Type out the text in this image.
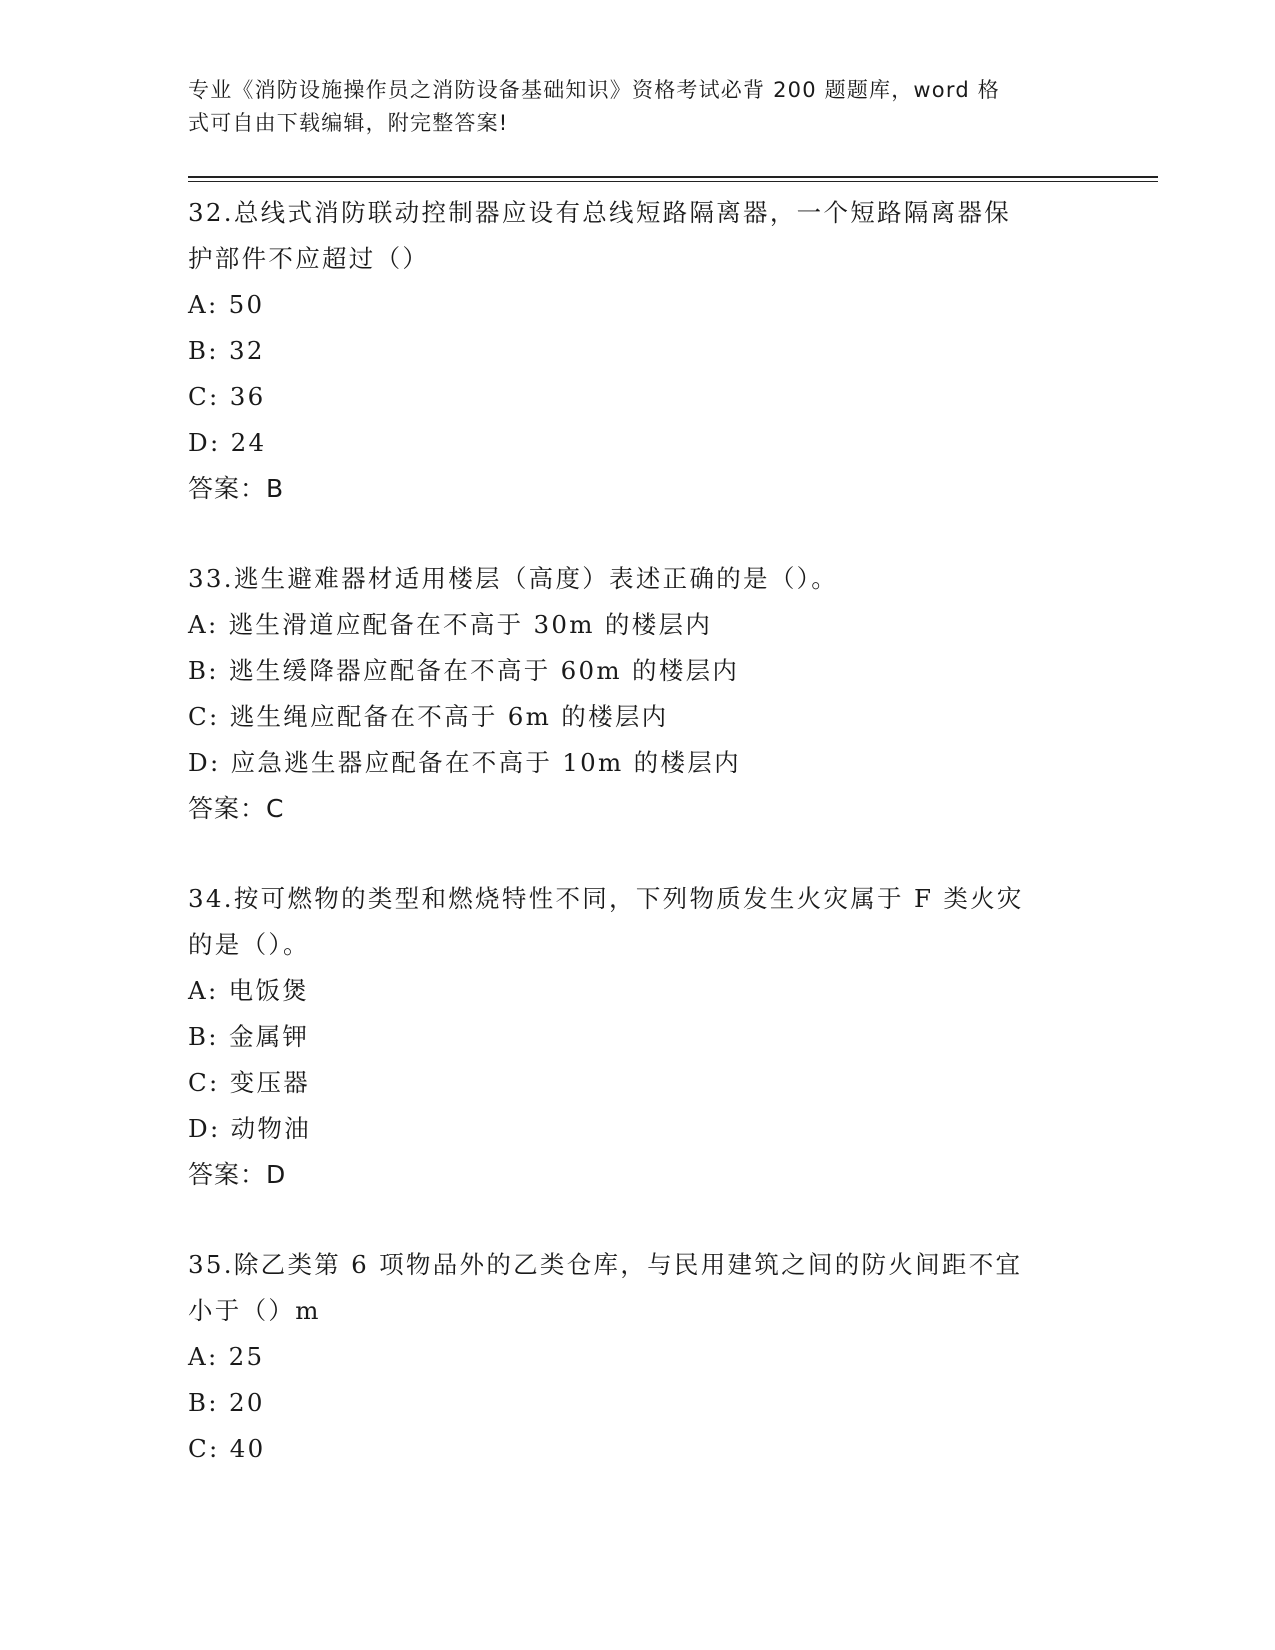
专业《消防设施操作员之消防设备基础知识》资格考试必背 200 题题库，word 格
式可自由下载编辑，附完整答案!
32.总线式消防联动控制器应设有总线短路隔离器，一个短路隔离器保
护部件不应超过（）
A: 50
B: 32
C: 36
D: 24
答案：B
33.逃生避难器材适用楼层（高度）表述正确的是（）。
A: 逃生滑道应配备在不高于 30m 的楼层内
B: 逃生缓降器应配备在不高于 60m 的楼层内
C: 逃生绳应配备在不高于 6m 的楼层内
D: 应急逃生器应配备在不高于 10m 的楼层内
答案：C
34.按可燃物的类型和燃烧特性不同，下列物质发生火灾属于 F 类火灾
的是（）。
A: 电饭煲
B: 金属钾
C: 变压器
D: 动物油
答案：D
35.除乙类第 6 项物品外的乙类仓库，与民用建筑之间的防火间距不宜
小于（）m
A: 25
B: 20
C: 40
